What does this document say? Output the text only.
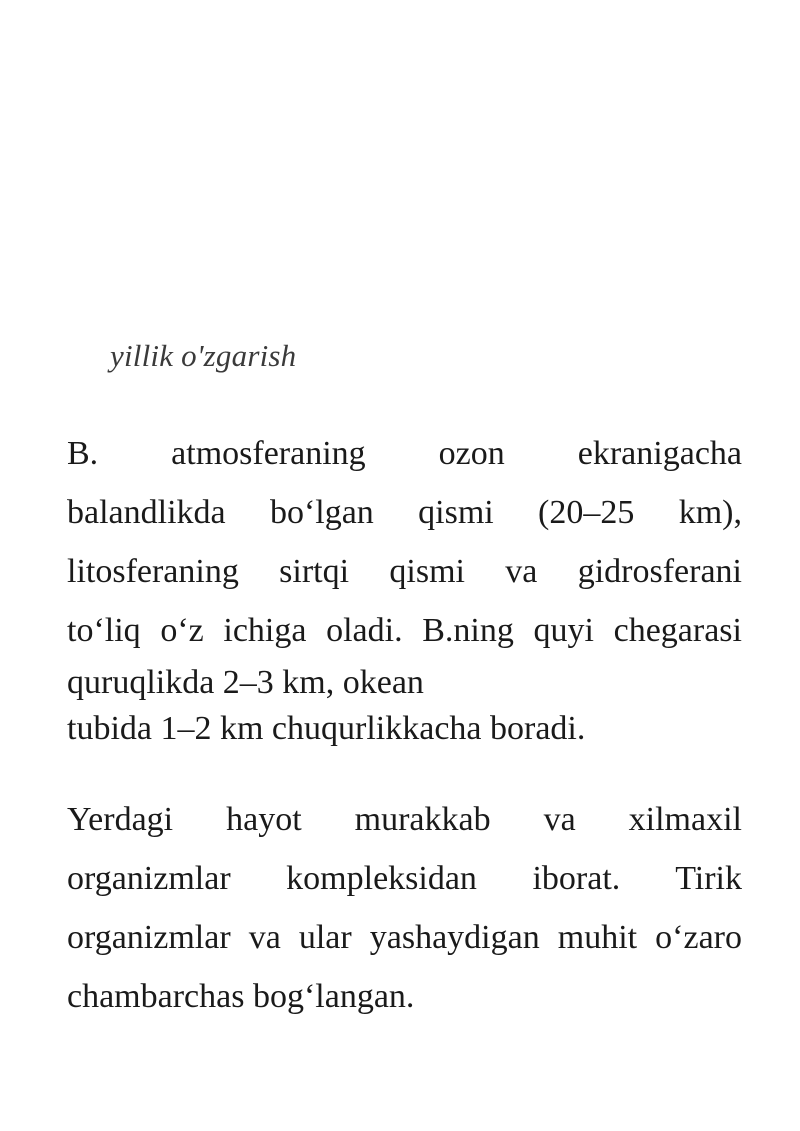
yillik o'zgarish
B. atmosferaning ozon ekranigacha
balandlikda boʻlgan qismi (20–25 km),
litosferaning sirtqi qismi va gidrosferani
toʻliq oʻz ichiga oladi. B.ning quyi chegarasi
quruqlikda 2–3 km, okean
tubida 1–2 km chuqurlikkacha boradi.
Yerdagi hayot murakkab va xilmaxil
organizmlar kompleksidan iborat. Tirik
organizmlar va ular yashaydigan muhit oʻzaro
chambarchas bogʻlangan.
